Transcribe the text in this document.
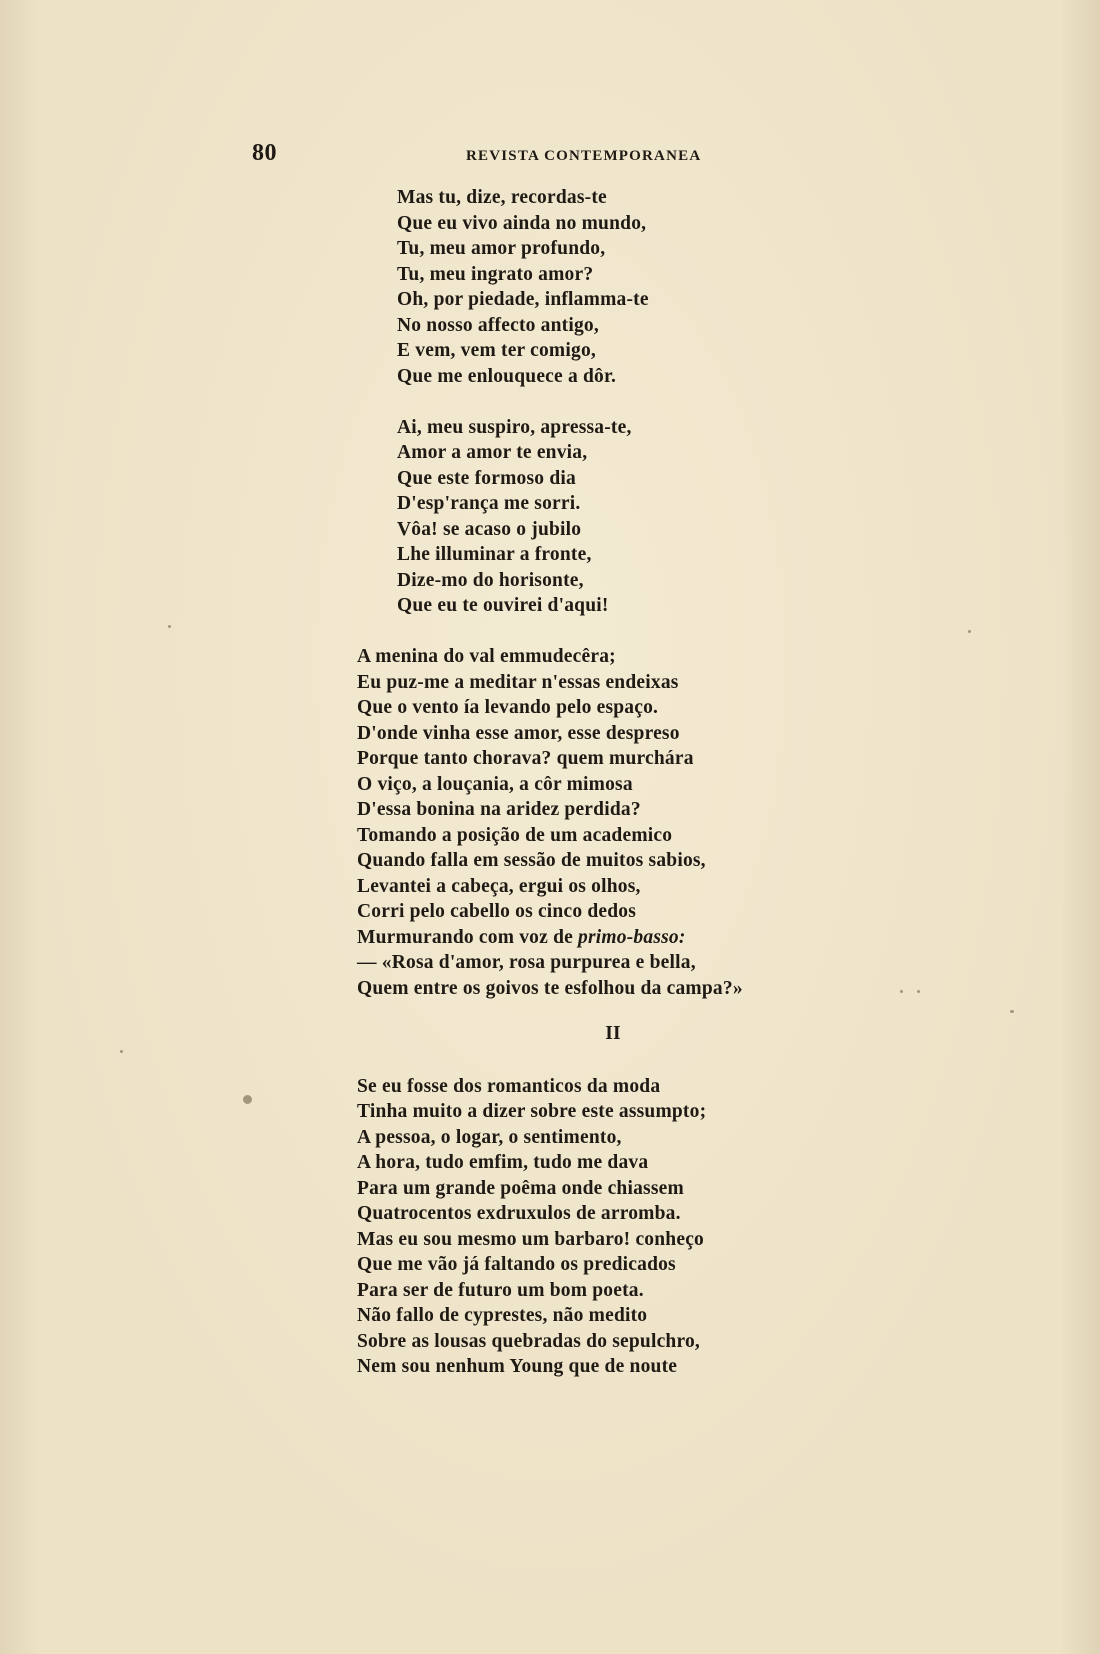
80	REVISTA CONTEMPORANEA
Mas tu, dize, recordas-te
Que eu vivo ainda no mundo,
Tu, meu amor profundo,
Tu, meu ingrato amor?
Oh, por piedade, inflamma-te
No nosso affecto antigo,
E vem, vem ter comigo,
Que me enlouquece a dôr.
Ai, meu suspiro, apressa-te,
Amor a amor te envia,
Que este formoso dia
D'esp'rança me sorri.
Vôa! se acaso o jubilo
Lhe illuminar a fronte,
Dize-mo do horisonte,
Que eu te ouvirei d'aqui!
A menina do val emmudecêra;
Eu puz-me a meditar n'essas endeixas
Que o vento ía levando pelo espaço.
D'onde vinha esse amor, esse despreso
Porque tanto chorava? quem murchára
O viço, a louçania, a côr mimosa
D'essa bonina na aridez perdida?
Tomando a posição de um academico
Quando falla em sessão de muitos sabios,
Levantei a cabeça, ergui os olhos,
Corri pelo cabello os cinco dedos
Murmurando com voz de primo-basso:
— «Rosa d'amor, rosa purpurea e bella,
Quem entre os goivos te esfolhou da campa?»
II
Se eu fosse dos romanticos da moda
Tinha muito a dizer sobre este assumpto;
A pessoa, o logar, o sentimento,
A hora, tudo emfim, tudo me dava
Para um grande poêma onde chiassem
Quatrocentos exdruxulos de arromba.
Mas eu sou mesmo um barbaro! conheço
Que me vão já faltando os predicados
Para ser de futuro um bom poeta.
Não fallo de cyprestes, não medito
Sobre as lousas quebradas do sepulchro,
Nem sou nenhum Young que de noute
